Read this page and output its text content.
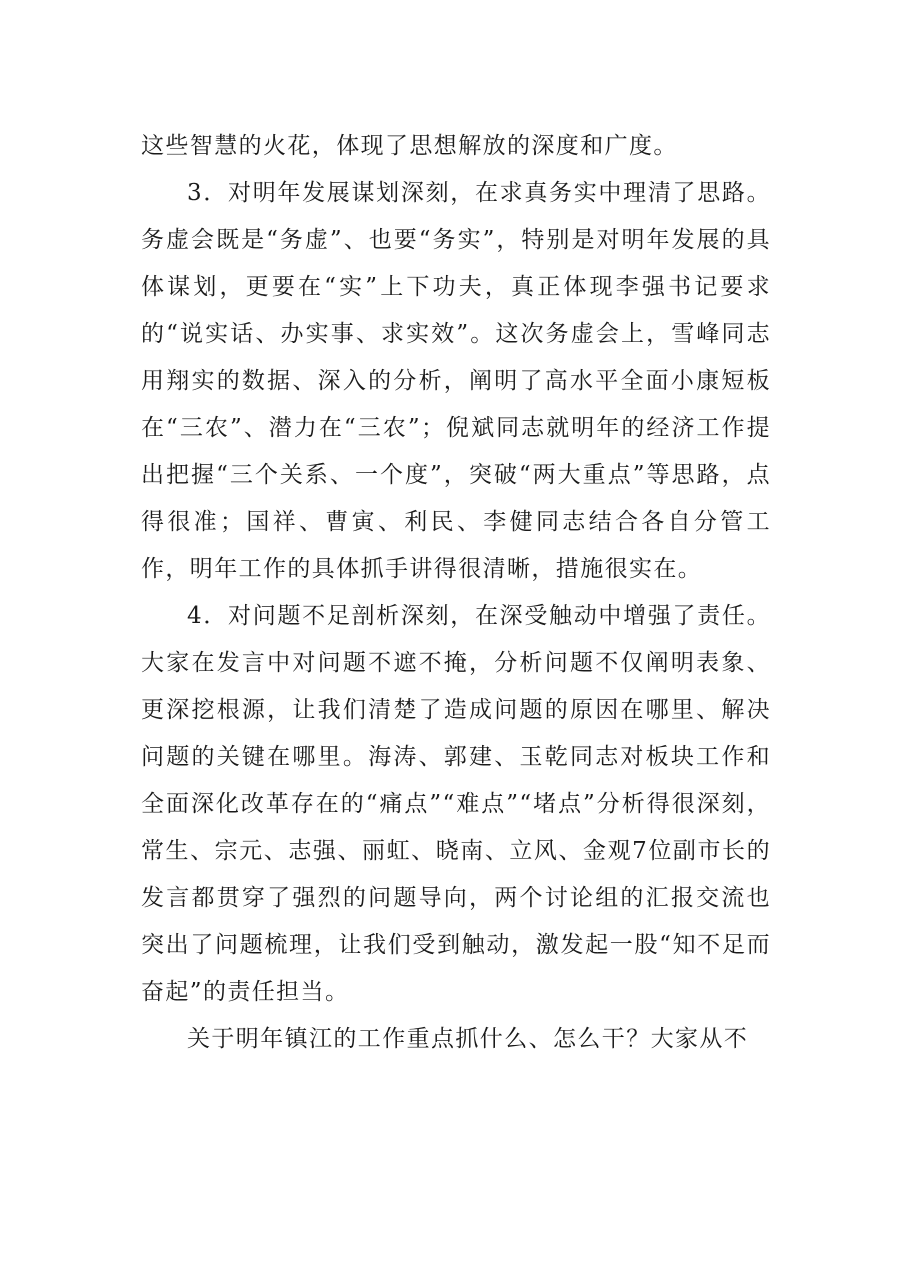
这些智慧的火花，体现了思想解放的深度和广度。

3．对明年发展谋划深刻，在求真务实中理清了思路。务虚会既是“务虚”、也要“务实”，特别是对明年发展的具体谋划，更要在“实”上下功夫，真正体现李强书记要求的“说实话、办实事、求实效”。这次务虚会上，雪峰同志用翔实的数据、深入的分析，阐明了高水平全面小康短板在“三农”、潜力在“三农”；倪斌同志就明年的经济工作提出把握“三个关系、一个度”，突破“两大重点”等思路，点得很准；国祥、曹寅、利民、李健同志结合各自分管工作，明年工作的具体抓手讲得很清晰，措施很实在。

4．对问题不足剖析深刻，在深受触动中增强了责任。大家在发言中对问题不遮不掩，分析问题不仅阐明表象、更深挖根源，让我们清楚了造成问题的原因在哪里、解决问题的关键在哪里。海涛、郭建、玉乾同志对板块工作和全面深化改革存在的“痛点”“难点”“堵点”分析得很深刻，常生、宗元、志强、丽虹、晓南、立风、金观7位副市长的发言都贯穿了强烈的问题导向，两个讨论组的汇报交流也突出了问题梳理，让我们受到触动，激发起一股“知不足而奋起”的责任担当。

关于明年镇江的工作重点抓什么、怎么干？大家从不
